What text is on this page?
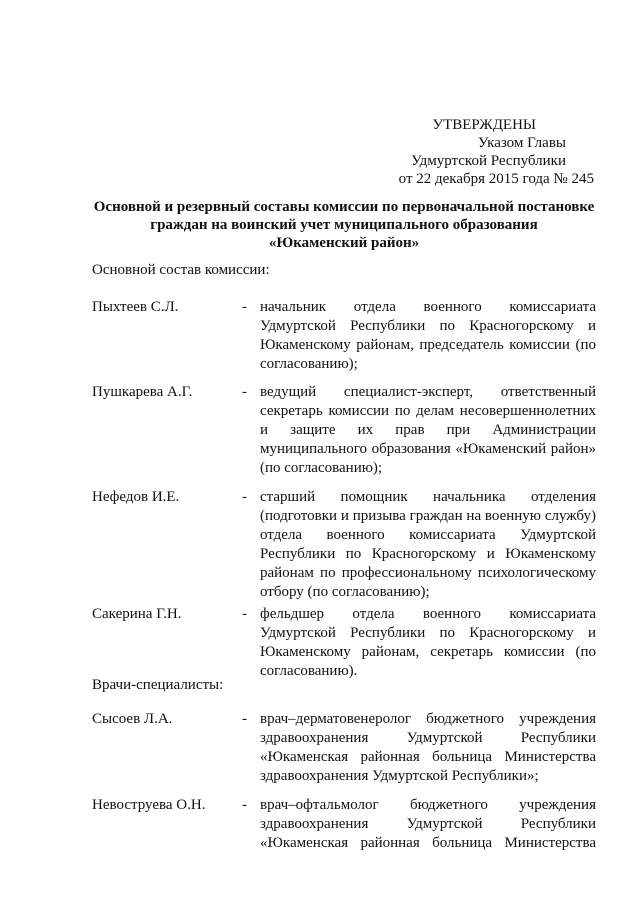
УТВЕРЖДЕНЫ
Указом Главы
Удмуртской Республики
от 22 декабря 2015 года № 245
Основной и резервный составы комиссии по первоначальной постановке
граждан на воинский учет муниципального образования
«Юкаменский район»
Основной состав комиссии:
Пыхтеев С.Л.	- начальник отдела военного комиссариата Удмуртской Республики по Красногорскому и Юкаменскому районам, председатель комиссии (по согласованию);
Пушкарева А.Г.	- ведущий специалист-эксперт, ответственный секретарь комиссии по делам несовершеннолетних и защите их прав при Администрации муниципального образования «Юкаменский район» (по согласованию);
Нефедов И.Е.	- старший помощник начальника отделения (подготовки и призыва граждан на военную службу) отдела военного комиссариата Удмуртской Республики по Красногорскому и Юкаменскому районам по профессиональному психологическому отбору (по согласованию);
Сакерина Г.Н.	- фельдшер отдела военного комиссариата Удмуртской Республики по Красногорскому и Юкаменскому районам, секретарь комиссии (по согласованию).
Врачи-специалисты:
Сысоев Л.А.	- врач–дерматовенеролог бюджетного учреждения здравоохранения Удмуртской Республики «Юкаменская районная больница Министерства здравоохранения Удмуртской Республики»;
Невоструева О.Н.	- врач–офтальмолог бюджетного учреждения здравоохранения Удмуртской Республики «Юкаменская районная больница Министерства
